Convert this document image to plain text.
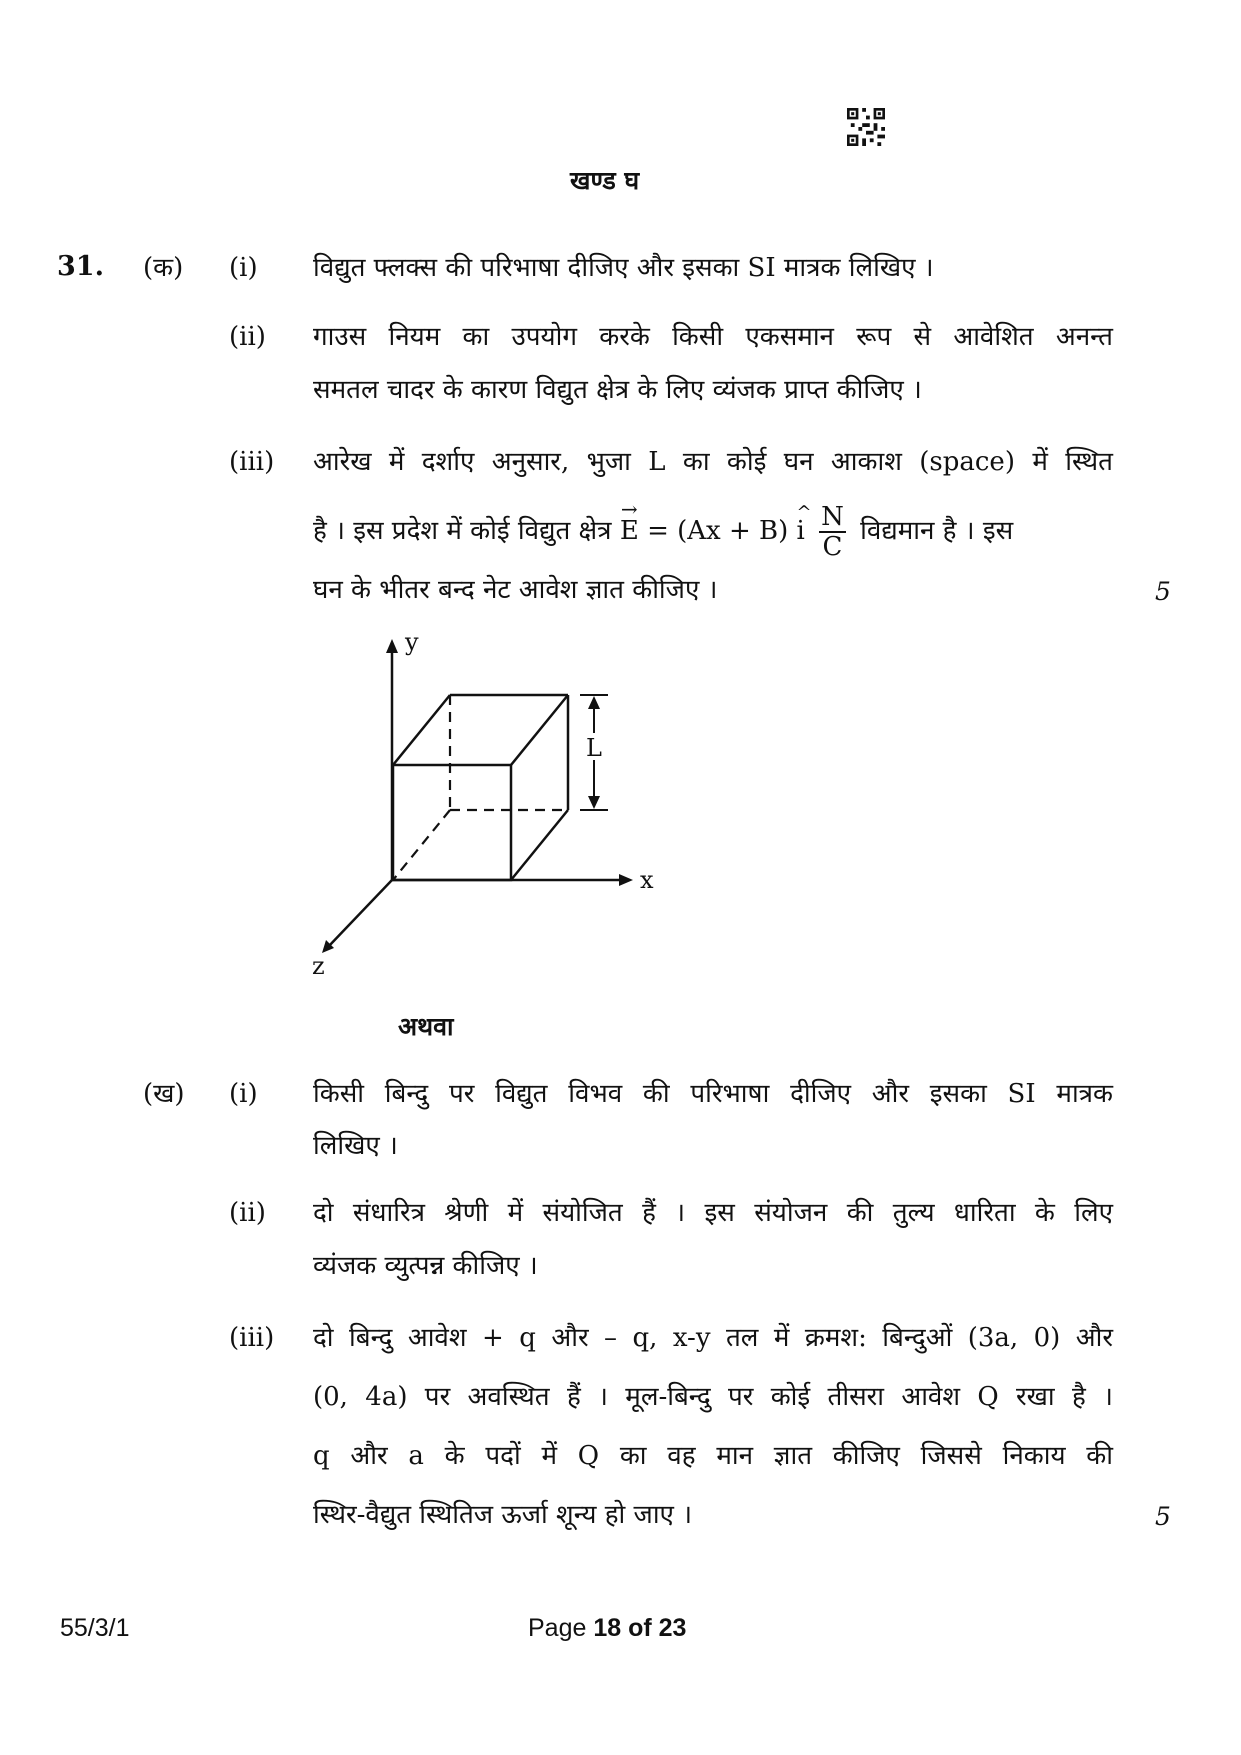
खण्ड घ
31. (क) (i) विद्युत फ्लक्स की परिभाषा दीजिए और इसका SI मात्रक लिखिए ।
(ii) गाउस नियम का उपयोग करके किसी एकसमान रूप से आवेशित अनन्त
समतल चादर के कारण विद्युत क्षेत्र के लिए व्यंजक प्राप्त कीजिए ।
(iii) आरेख में दर्शाए अनुसार, भुजा L का कोई घन आकाश (space) में स्थित
है । इस प्रदेश में कोई विद्युत क्षेत्र
→
E = (Ax + B)
^
i $\frac{N}{C}$ विद्यमान है । इस
घन के भीतर बन्द नेट आवेश ज्ञात कीजिए ।	5
L
y
x
z
अथवा
(ख) (i) किसी बिन्दु पर विद्युत विभव की परिभाषा दीजिए और इसका SI मात्रक
लिखिए ।
(ii) दो संधारित्र श्रेणी में संयोजित हैं । इस संयोजन की तुल्य धारिता के लिए
व्यंजक व्युत्पन्न कीजिए ।
(iii) दो बिन्दु आवेश + q और – q, x-y तल में क्रमश: बिन्दुओं (3a, 0) और
(0, 4a) पर अवस्थित हैं । मूल-बिन्दु पर कोई तीसरा आवेश Q रखा है ।
q और a के पदों में Q का वह मान ज्ञात कीजिए जिससे निकाय की
स्थिर-वैद्युत स्थितिज ऊर्जा शून्य हो जाए ।	5
55/3/1	Page 18 of 23
